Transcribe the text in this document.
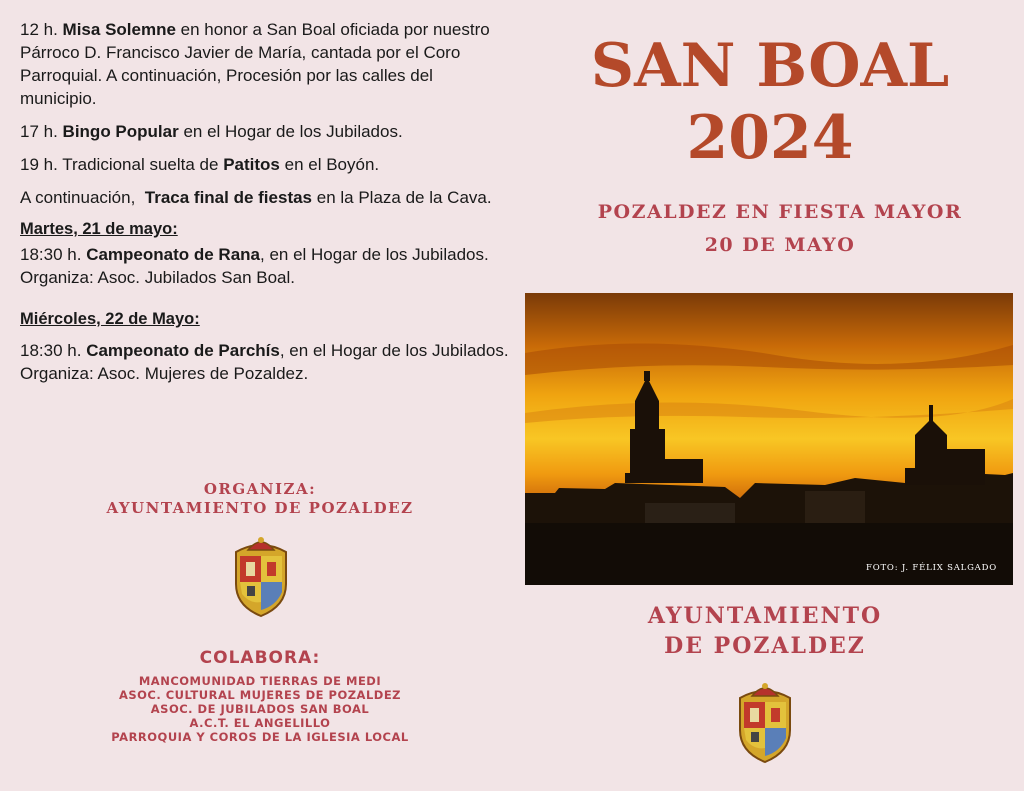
12 h. Misa Solemne en honor a San Boal oficiada por nuestro Párroco D. Francisco Javier de María, cantada por el Coro Parroquial. A continuación, Procesión por las calles del municipio.

17 h. Bingo Popular en el Hogar de los Jubilados.

19 h. Tradicional suelta de Patitos en el Boyón.

A continuación, Traca final de fiestas en la Plaza de la Cava.

Martes, 21 de mayo:

18:30 h. Campeonato de Rana, en el Hogar de los Jubilados. Organiza: Asoc. Jubilados San Boal.

Miércoles, 22 de Mayo:

18:30 h. Campeonato de Parchís, en el Hogar de los Jubilados. Organiza: Asoc. Mujeres de Pozaldez.

ORGANIZA:
AYUNTAMIENTO DE POZALDEZ
COLABORA:
MANCOMUNIDAD TIERRAS DE MEDI
ASOC. CULTURAL MUJERES DE POZALDEZ
ASOC. DE JUBILADOS SAN BOAL
A.C.T. EL ANGELILLO
PARROQUIA Y COROS DE LA IGLESIA LOCAL
SAN BOAL
2024
POZALDEZ EN FIESTA MAYOR
20 DE MAYO
FOTO: J. FÉLIX SALGADO
AYUNTAMIENTO
DE POZALDEZ
